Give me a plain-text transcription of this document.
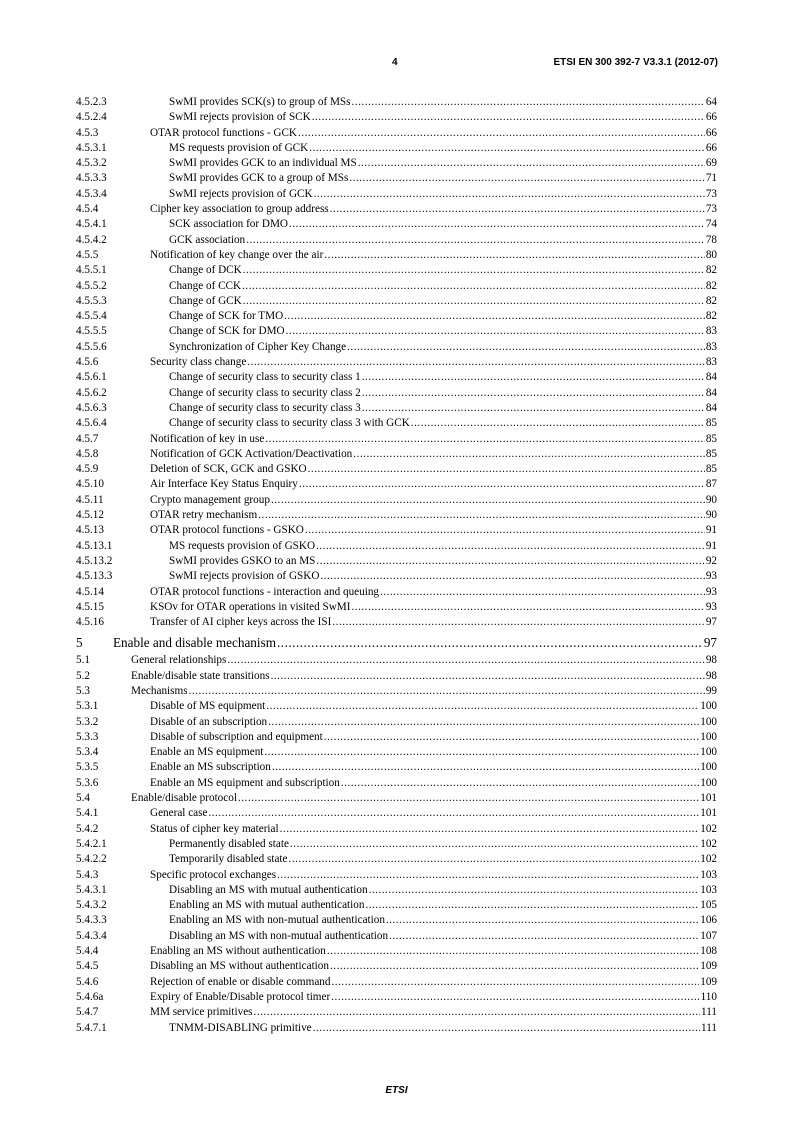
4	ETSI EN 300 392-7 V3.3.1 (2012-07)
4.5.2.3	SwMI provides SCK(s) to group of MSs .....	64
4.5.2.4	SwMI rejects provision of SCK .....	66
4.5.3	OTAR protocol functions - GCK .....	66
4.5.3.1	MS requests provision of GCK .....	66
4.5.3.2	SwMI provides GCK to an individual MS .....	69
4.5.3.3	SwMI provides GCK to a group of MSs .....	71
4.5.3.4	SwMI rejects provision of GCK .....	73
4.5.4	Cipher key association to group address .....	73
4.5.4.1	SCK association for DMO .....	74
4.5.4.2	GCK association .....	78
4.5.5	Notification of key change over the air .....	80
4.5.5.1	Change of DCK .....	82
4.5.5.2	Change of CCK .....	82
4.5.5.3	Change of GCK .....	82
4.5.5.4	Change of SCK for TMO .....	82
4.5.5.5	Change of SCK for DMO .....	83
4.5.5.6	Synchronization of Cipher Key Change .....	83
4.5.6	Security class change .....	83
4.5.6.1	Change of security class to security class 1 .....	84
4.5.6.2	Change of security class to security class 2 .....	84
4.5.6.3	Change of security class to security class 3 .....	84
4.5.6.4	Change of security class to security class 3 with GCK .....	85
4.5.7	Notification of key in use .....	85
4.5.8	Notification of GCK Activation/Deactivation .....	85
4.5.9	Deletion of SCK, GCK and GSKO .....	85
4.5.10	Air Interface Key Status Enquiry .....	87
4.5.11	Crypto management group .....	90
4.5.12	OTAR retry mechanism .....	90
4.5.13	OTAR protocol functions - GSKO .....	91
4.5.13.1	MS requests provision of GSKO .....	91
4.5.13.2	SwMI provides GSKO to an MS .....	92
4.5.13.3	SwMI rejects provision of GSKO .....	93
4.5.14	OTAR protocol functions - interaction and queuing .....	93
4.5.15	KSOv for OTAR operations in visited SwMI .....	93
4.5.16	Transfer of AI cipher keys across the ISI .....	97
5 Enable and disable mechanism .....	97
5.1	General relationships .....	98
5.2	Enable/disable state transitions .....	98
5.3	Mechanisms .....	99
5.3.1	Disable of MS equipment .....	100
5.3.2	Disable of an subscription .....	100
5.3.3	Disable of subscription and equipment .....	100
5.3.4	Enable an MS equipment .....	100
5.3.5	Enable an MS subscription .....	100
5.3.6	Enable an MS equipment and subscription .....	100
5.4	Enable/disable protocol .....	101
5.4.1	General case .....	101
5.4.2	Status of cipher key material .....	102
5.4.2.1	Permanently disabled state .....	102
5.4.2.2	Temporarily disabled state .....	102
5.4.3	Specific protocol exchanges .....	103
5.4.3.1	Disabling an MS with mutual authentication .....	103
5.4.3.2	Enabling an MS with mutual authentication .....	105
5.4.3.3	Enabling an MS with non-mutual authentication .....	106
5.4.3.4	Disabling an MS with non-mutual authentication .....	107
5.4.4	Enabling an MS without authentication .....	108
5.4.5	Disabling an MS without authentication .....	109
5.4.6	Rejection of enable or disable command .....	109
5.4.6a	Expiry of Enable/Disable protocol timer .....	110
5.4.7	MM service primitives .....	111
5.4.7.1	TNMM-DISABLING primitive .....	111
ETSI
